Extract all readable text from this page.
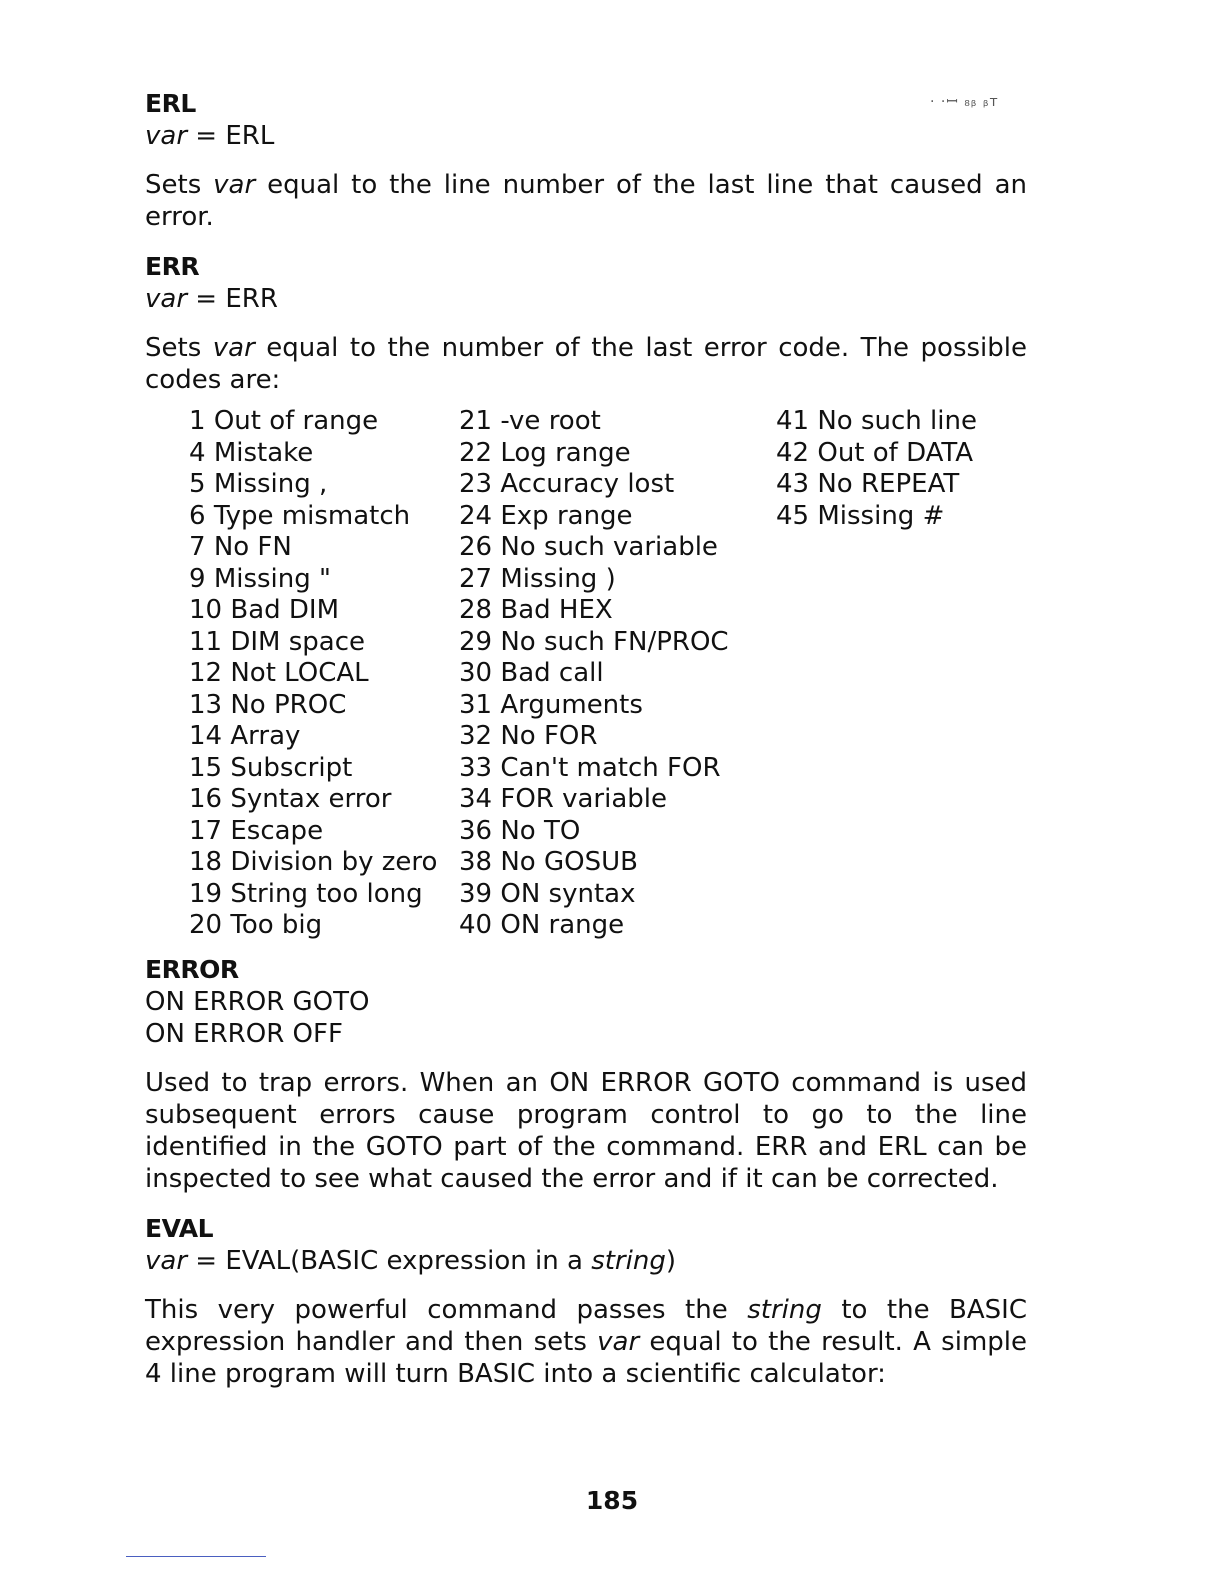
· ·ꟷ ₈ᵦ ᵦᴛ
ERL
var = ERL
Sets var equal to the line number of the last line that caused an error.
ERR
var = ERR
Sets var equal to the number of the last error code. The possible codes are:
1 Out of range
4 Mistake
5 Missing ,
6 Type mismatch
7 No FN
9 Missing "
10 Bad DIM
11 DIM space
12 Not LOCAL
13 No PROC
14 Array
15 Subscript
16 Syntax error
17 Escape
18 Division by zero
19 String too long
20 Too big
21 -ve root
22 Log range
23 Accuracy lost
24 Exp range
26 No such variable
27 Missing )
28 Bad HEX
29 No such FN/PROC
30 Bad call
31 Arguments
32 No FOR
33 Can't match FOR
34 FOR variable
36 No TO
38 No GOSUB
39 ON syntax
40 ON range
41 No such line
42 Out of DATA
43 No REPEAT
45 Missing #
ERROR
ON ERROR GOTO
ON ERROR OFF
Used to trap errors. When an ON ERROR GOTO command is used subsequent errors cause program control to go to the line identified in the GOTO part of the command. ERR and ERL can be inspected to see what caused the error and if it can be corrected.
EVAL
var = EVAL(BASIC expression in a string)
This very powerful command passes the string to the BASIC expression handler and then sets var equal to the result. A simple 4 line program will turn BASIC into a scientific calculator:
185
